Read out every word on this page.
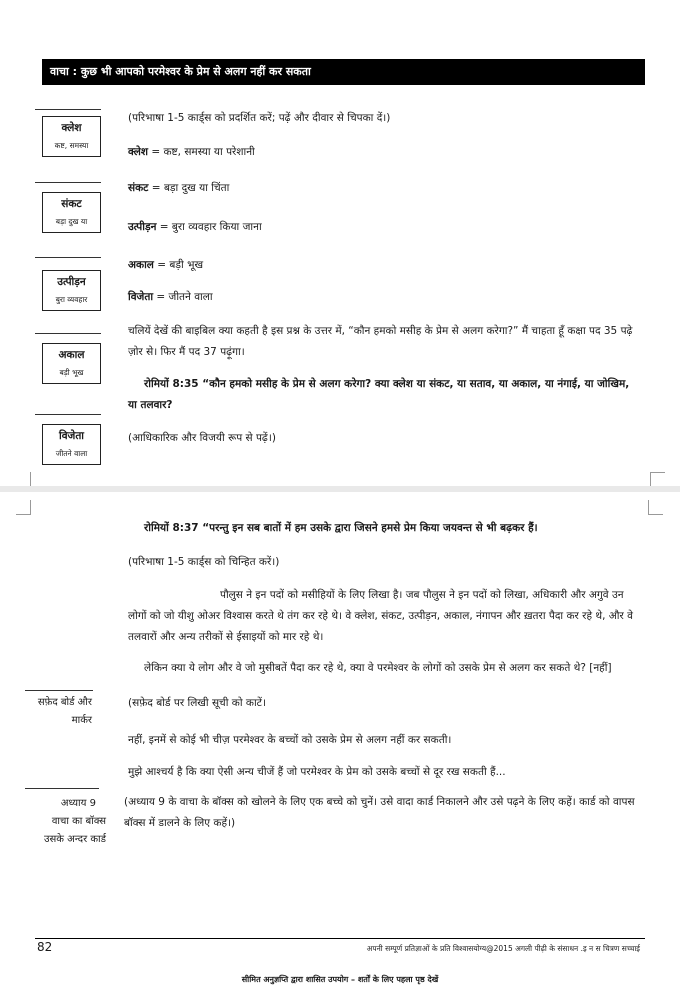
वाचा : कुछ भी आपको परमेश्वर के प्रेम से अलग नहीं कर सकता
क्लेश
कष्ट, समस्या
संकट
बड़ा दुख या
उत्पीड़न
बुरा व्यवहार
अकाल
बड़ी भूख
विजेता
जीतने वाला
(परिभाषा 1-5 कार्ड्स को प्रदर्शित करें; पढ़ें और दीवार से चिपका दें।)
क्लेश = कष्ट, समस्या या परेशानी
संकट = बड़ा दुख या चिंता
उत्पीड़न = बुरा व्यवहार किया जाना
अकाल = बड़ी भूख
विजेता = जीतने वाला
चलियें देखें की बाइबिल क्या कहती है इस प्रश्न के उत्तर में, “कौन हमको मसीह के प्रेम से अलग करेगा?” मैं चाहता हूँ कक्षा पद 35 पढ़े ज़ोर से। फिर मैं पद 37 पढ़ूंगा।
रोमियों 8:35 “कौन हमको मसीह के प्रेम से अलग करेगा? क्या क्लेश या संकट, या सताव, या अकाल, या नंगाई, या जोखिम, या तलवार?
(आधिकारिक और विजयी रूप से पढ़ें।)
रोमियों 8:37 “परन्तु इन सब बातों में हम उसके द्वारा जिसने हमसे प्रेम किया जयवन्त से भी बढ़कर हैं।
(परिभाषा 1-5 कार्ड्स को चिन्हित करें।)
पौलुस ने इन पदों को मसीहियों के लिए लिखा है। जब पौलुस ने इन पदों को लिखा, अधिकारी और अगुवे उन लोगों को जो यीशु ओअर विश्वास करते थे तंग कर रहे थे। वे क्लेश, संकट, उत्पीड़न, अकाल, नंगापन और ख़तरा पैदा कर रहे थे, और वे तलवारों और अन्य तरीकों से ईसाइयों को मार रहे थे।
लेकिन क्या ये लोग और वे जो मुसीबतें पैदा कर रहे थे, क्या वे परमेश्वर के लोगों को उसके प्रेम से अलग कर सकते थे? [नहीं]
सफ़ेद बोर्ड और
मार्कर
(सफ़ेद बोर्ड पर लिखी सूची को काटें।
नहीं, इनमें से कोई भी चीज़ परमेश्वर के बच्चों को उसके प्रेम से अलग नहीं कर सकती।
मुझे आश्चर्य है कि क्या ऐसी अन्य चीजें हैं जो परमेश्वर के प्रेम को उसके बच्चों से दूर रख सकती हैं...
अध्याय 9
वाचा का बॉक्स
उसके अन्दर कार्ड
(अध्याय 9 के वाचा के बॉक्स को खोलने के लिए एक बच्चे को चुनें। उसे वादा कार्ड निकालने और उसे पढ़ने के लिए कहें। कार्ड को वापस बॉक्स में डालने के लिए कहें।)
82	अपनी सम्पूर्ण प्रतिज्ञाओं के प्रति विश्वासयोग्य@2015 अगली पीढ़ी के संसाधन .इ न स चित्रण सच्चाई
सीमित अनुज्ञप्ति द्वारा शासित उपयोग – शर्तों के लिए पहला पृष्ठ देखें
